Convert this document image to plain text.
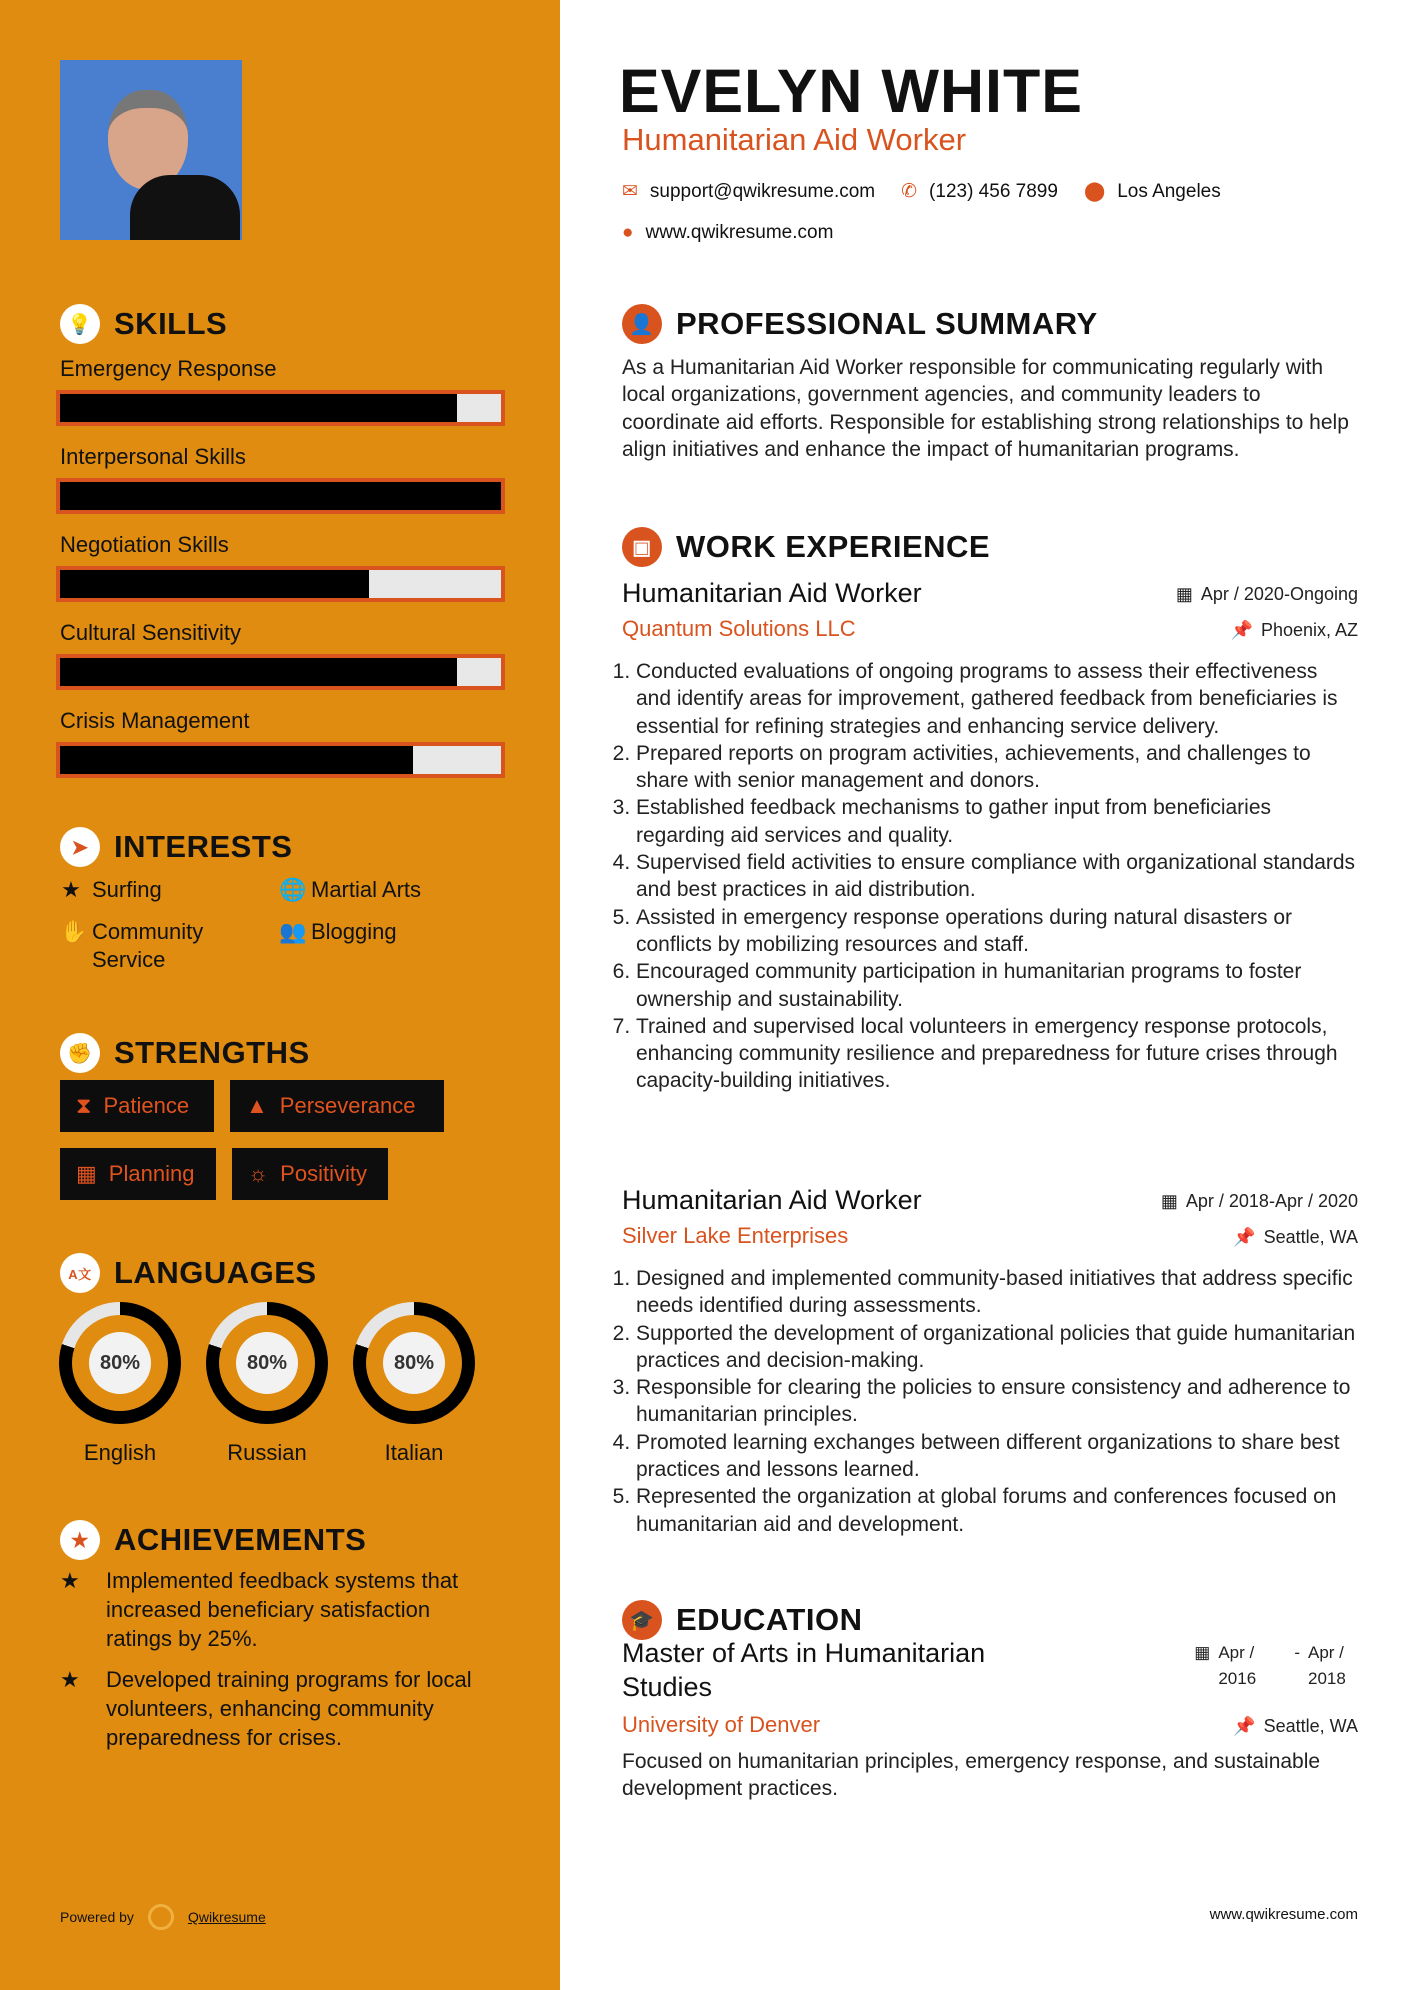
💡 SKILLS
Emergency Response
Interpersonal Skills
Negotiation Skills
Cultural Sensitivity
Crisis Management
➤ INTERESTS
★ Surfing	🌐 Martial Arts
✋ Community Service
👥 Blogging
✊ STRENGTHS
⧗ Patience	▲ Perseverance
▦ Planning ☼ Positivity
A文 LANGUAGES
80%
English
80%
Russian
80%
Italian
★ ACHIEVEMENTS
★	Implemented feedback systems that increased beneficiary satisfaction ratings by 25%.
★	Developed training programs for local volunteers, enhancing community preparedness for crises.
Powered by	Qwikresume
EVELYN WHITE
Humanitarian Aid Worker
✉ support@qwikresume.com ✆ (123) 456 7899 ⬤ Los Angeles
● www.qwikresume.com
👤 PROFESSIONAL SUMMARY
As a Humanitarian Aid Worker responsible for communicating regularly with local organizations, government agencies, and community leaders to coordinate aid efforts. Responsible for establishing strong relationships to help align initiatives and enhance the impact of humanitarian programs.
▣ WORK EXPERIENCE
Humanitarian Aid Worker	▦ Apr / 2020-Ongoing
Quantum Solutions LLC	📌 Phoenix, AZ
1. Conducted evaluations of ongoing programs to assess their effectiveness and identify areas for improvement, gathered feedback from beneficiaries is essential for refining strategies and enhancing service delivery.
2. Prepared reports on program activities, achievements, and challenges to share with senior management and donors.
3. Established feedback mechanisms to gather input from beneficiaries regarding aid services and quality.
4. Supervised field activities to ensure compliance with organizational standards and best practices in aid distribution.
5. Assisted in emergency response operations during natural disasters or conflicts by mobilizing resources and staff.
6. Encouraged community participation in humanitarian programs to foster ownership and sustainability.
7. Trained and supervised local volunteers in emergency response protocols, enhancing community resilience and preparedness for future crises through capacity-building initiatives.
Humanitarian Aid Worker	▦ Apr / 2018-Apr / 2020
Silver Lake Enterprises	📌 Seattle, WA
1. Designed and implemented community-based initiatives that address specific needs identified during assessments.
2. Supported the development of organizational policies that guide humanitarian practices and decision-making.
3. Responsible for clearing the policies to ensure consistency and adherence to humanitarian principles.
4. Promoted learning exchanges between different organizations to share best practices and lessons learned.
5. Represented the organization at global forums and conferences focused on humanitarian aid and development.
🎓 EDUCATION
Master of Arts in Humanitarian Studies
▦ Apr / 2016
- Apr / 2018
University of Denver	📌 Seattle, WA
Focused on humanitarian principles, emergency response, and sustainable development practices.
www.qwikresume.com
